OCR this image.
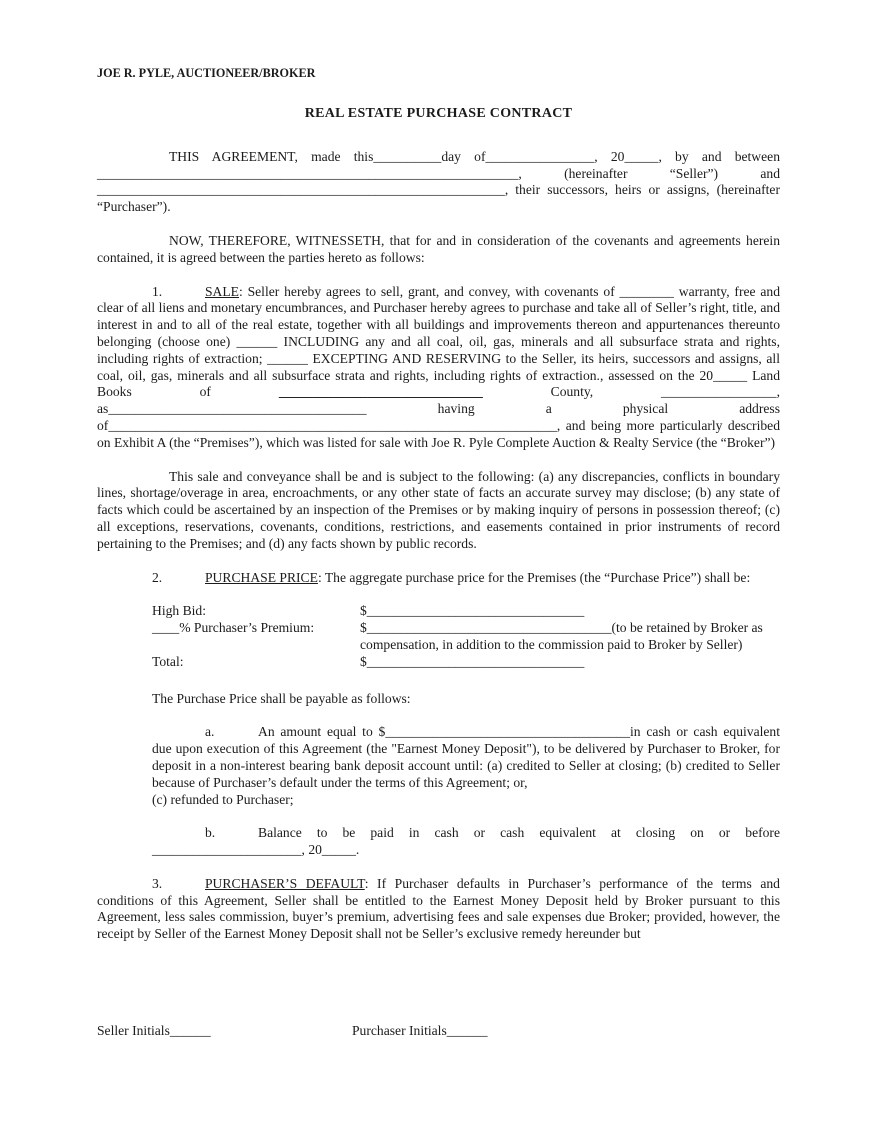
JOE R. PYLE, AUCTIONEER/BROKER
REAL ESTATE PURCHASE CONTRACT

THIS AGREEMENT, made this__________day of________________, 20_____, by and between ______________________________________________________________, (hereinafter “Seller”) and ____________________________________________________________, their successors, heirs or assigns, (hereinafter “Purchaser”).

NOW, THEREFORE, WITNESSETH, that for and in consideration of the covenants and agreements herein contained, it is agreed between the parties hereto as follows:

1.	SALE: Seller hereby agrees to sell, grant, and convey, with covenants of ________ warranty, free and clear of all liens and monetary encumbrances, and Purchaser hereby agrees to purchase and take all of Seller’s right, title, and interest in and to all of the real estate, together with all buildings and improvements thereon and appurtenances thereunto belonging (choose one) ______ INCLUDING any and all coal, oil, gas, minerals and all subsurface strata and rights, including rights of extraction; ______ EXCEPTING AND RESERVING to the Seller, its heirs, successors and assigns, all coal, oil, gas, minerals and all subsurface strata and rights, including rights of extraction., assessed on the 20_____ Land Books of ______________________________ County, _________________, as______________________________________ having a physical address of__________________________________________________________________, and being more particularly described on Exhibit A (the “Premises”), which was listed for sale with Joe R. Pyle Complete Auction & Realty Service (the “Broker”)

This sale and conveyance shall be and is subject to the following: (a) any discrepancies, conflicts in boundary lines, shortage/overage in area, encroachments, or any other state of facts an accurate survey may disclose; (b) any state of facts which could be ascertained by an inspection of the Premises or by making inquiry of persons in possession thereof; (c) all exceptions, reservations, covenants, conditions, restrictions, and easements contained in prior instruments of record pertaining to the Premises; and (d) any facts shown by public records.

2.	PURCHASE PRICE: The aggregate purchase price for the Premises (the “Purchase Price”) shall be:

High Bid:	$________________________________
____% Purchaser’s Premium:	$____________________________________(to be retained by Broker as compensation, in addition to the commission paid to Broker by Seller)
Total:	$________________________________

The Purchase Price shall be payable as follows:

a.	An amount equal to $____________________________________in cash or cash equivalent due upon execution of this Agreement (the "Earnest Money Deposit"), to be delivered by Purchaser to Broker, for deposit in a non-interest bearing bank deposit account until: (a) credited to Seller at closing; (b) credited to Seller because of Purchaser’s default under the terms of this Agreement; or,
(c) refunded to Purchaser;

b.	Balance to be paid in cash or cash equivalent at closing on or before ______________________, 20_____.

3.	PURCHASER’S DEFAULT: If Purchaser defaults in Purchaser’s performance of the terms and conditions of this Agreement, Seller shall be entitled to the Earnest Money Deposit held by Broker pursuant to this Agreement, less sales commission, buyer’s premium, advertising fees and sale expenses due Broker; provided, however, the receipt by Seller of the Earnest Money Deposit shall not be Seller’s exclusive remedy hereunder but

Seller Initials______	Purchaser Initials______
